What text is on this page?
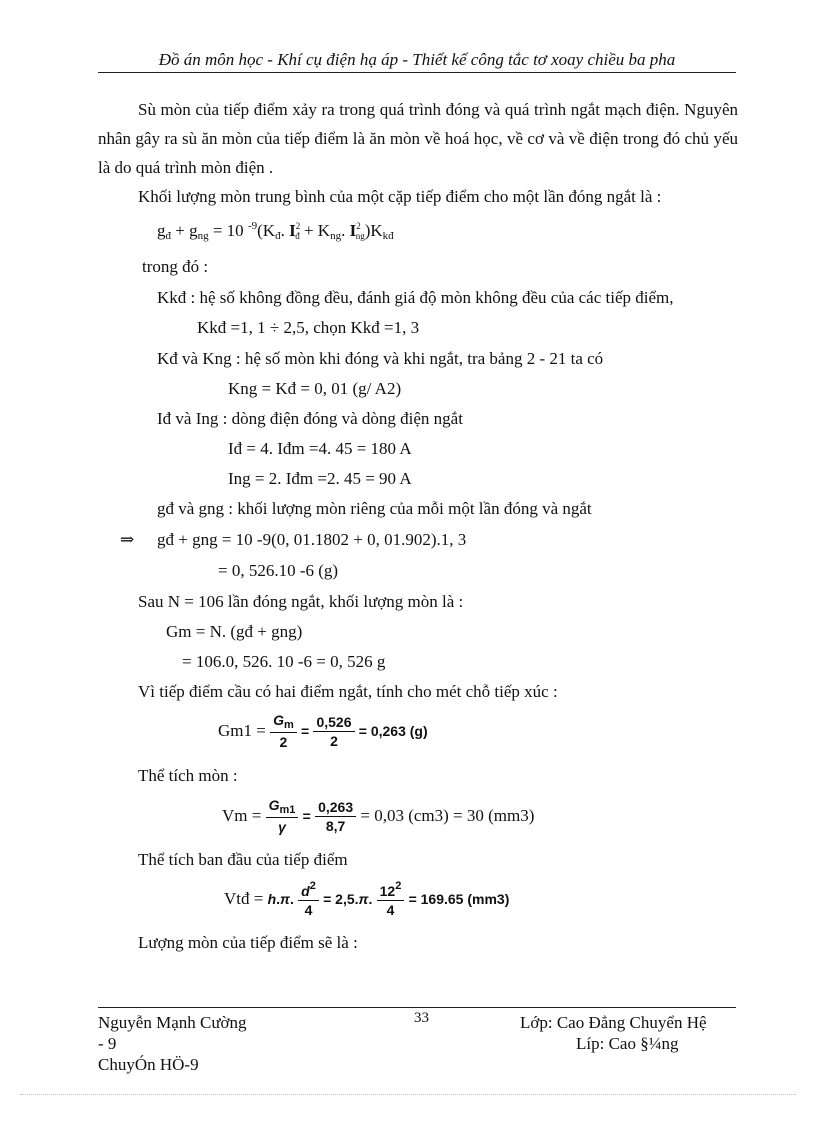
Đồ án môn học - Khí cụ điện hạ áp - Thiết kế công tắc tơ xoay chiều ba pha
Sù mòn của tiếp điểm xảy ra trong quá trình đóng và quá trình ngắt mạch điện. Nguyên nhân gây ra sù ăn mòn của tiếp điểm là ăn mòn về hoá học, về cơ và về điện trong đó chủ yếu là do quá trình mòn điện .
Khối lượng mòn trung bình của một cặp tiếp điểm cho một lần đóng ngắt là :
$g_đ + g_{ng} = 10$ $^{-9}(K_đ$. $I^2_đ + K_{ng}$. $I^2_{ng})K_{kđ}$
trong đó :
Kkđ : hệ số không đồng đều, đánh giá độ mòn không đều của các tiếp điểm,
Kkđ =1, 1 ÷ 2,5, chọn Kkđ =1, 3
Kđ và Kng : hệ số mòn khi đóng và khi ngắt, tra bảng 2 - 21 ta có
Kng = Kđ = 0, 01 (g/ A2)
Iđ và Ing : dòng điện đóng và dòng điện ngắt
Iđ = 4. Iđm =4. 45 = 180 A
Ing = 2. Iđm =2. 45 = 90 A
gđ và gng : khối lượng mòn riêng của mỗi một lần đóng và ngắt
⇒ gđ + gng = 10 -9(0, 01.1802 + 0, 01.902).1, 3
= 0, 526.10 -6 (g)
Sau N = 106 lần đóng ngắt, khối lượng mòn là :
Gm = N. (gđ + gng)
= 106.0, 526. 10 -6 = 0, 526 g
Vì tiếp điểm cầu có hai điểm ngắt, tính cho mét chỗ tiếp xúc :
$Gm1 = \frac{G_m}{2} = \frac{0,526}{2} = 0,263$ (g)
Thể tích mòn :
$Vm = \frac{G_{m1}}{\gamma} = \frac{0,263}{8,7} = 0,03$ (cm3) = 30 (mm3)
Thể tích ban đầu của tiếp điểm
Vtđ = h.π. $\frac{d^2}{4} = 2,5.\pi$. $\frac{12^2}{4} = 169.65$ (mm3)
Lượng mòn của tiếp điểm sẽ là :
Nguyễn Mạnh Cường
- 9
ChuyÓn HÖ-9
33	Lớp: Cao Đẳng Chuyển Hệ
Líp: Cao §¼ng
